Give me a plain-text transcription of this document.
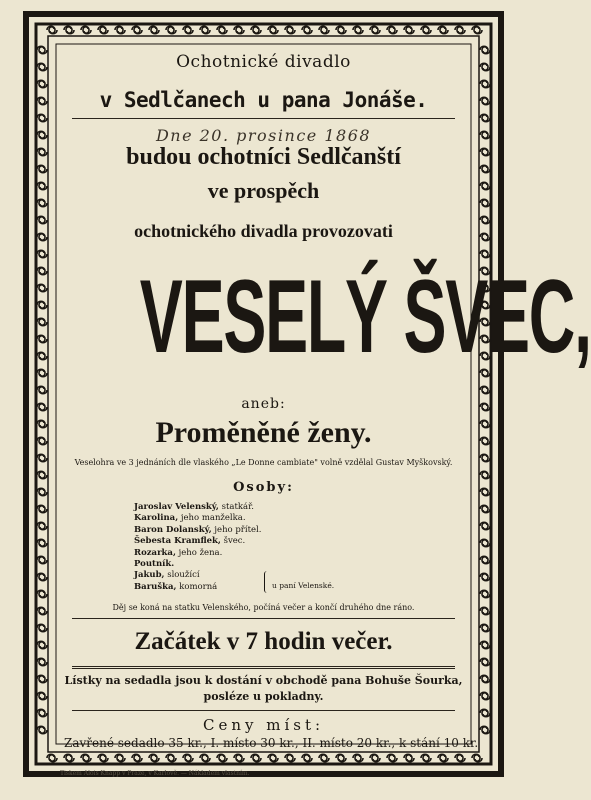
Ochotnické divadlo
v Sedlčanech u pana Jonáše.
Dne 20. prosince 1868
budou ochotníci Sedlčanští
ve prospěch
ochotnického divadla provozovati
VESELÝ ŠVEC,
aneb:
Proměněné ženy.
Veselohra ve 3 jednáních dle vlaského „Le Donne cambiate" volně vzdělal Gustav Myškovský.
Osoby:
Jaroslav Velenský, statkář.
Karolina, jeho manželka.
Baron Dolanský, jeho přítel.
Šebesta Kramflek, švec.
Rozarka, jeho žena.
Poutník.
Jakub, sloužící
Baruška, komorná	u paní Velenské.
Děj se koná na statku Velenského, počíná večer a končí druhého dne ráno.
Začátek v 7 hodin večer.
Lístky na sedadla jsou k dostání v obchodě pana Bohuše Šourka,
posléze u pokladny.
Ceny míst:
Zavřené sedadlo 35 kr., I. místo 30 kr., II. místo 20 kr., k stání 10 kr.
Tiskem Alois Knapp v Praze, v Karlově. — Nákladem vlastním.
